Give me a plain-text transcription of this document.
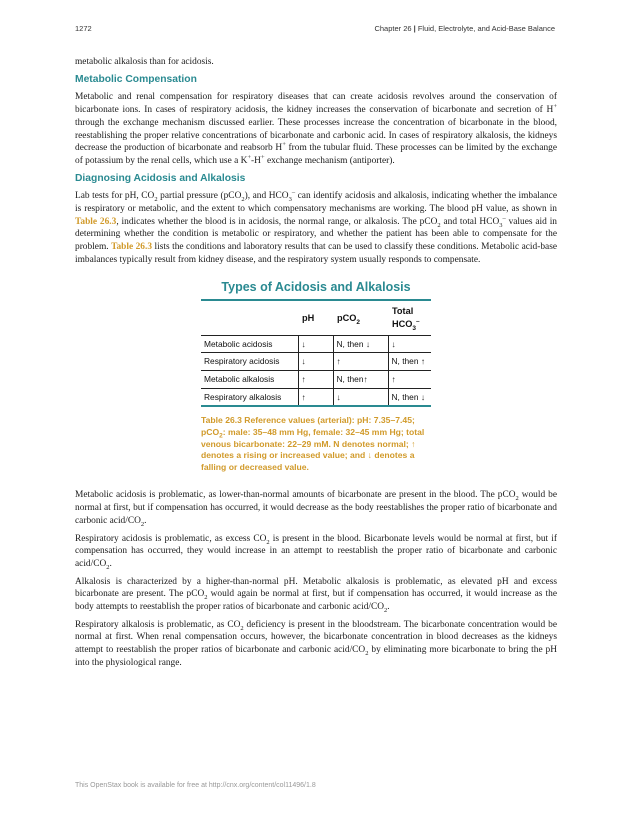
1272	Chapter 26 | Fluid, Electrolyte, and Acid-Base Balance

metabolic alkalosis than for acidosis.

Metabolic Compensation

Metabolic and renal compensation for respiratory diseases that can create acidosis revolves around the conservation of bicarbonate ions. In cases of respiratory acidosis, the kidney increases the conservation of bicarbonate and secretion of H+ through the exchange mechanism discussed earlier. These processes increase the concentration of bicarbonate in the blood, reestablishing the proper relative concentrations of bicarbonate and carbonic acid. In cases of respiratory alkalosis, the kidneys decrease the production of bicarbonate and reabsorb H+ from the tubular fluid. These processes can be limited by the exchange of potassium by the renal cells, which use a K+-H+ exchange mechanism (antiporter).

Diagnosing Acidosis and Alkalosis

Lab tests for pH, $CO_2$ partial pressure (pCO$_2$), and $HCO_3^-$ can identify acidosis and alkalosis, indicating whether the imbalance is respiratory or metabolic, and the extent to which compensatory mechanisms are working. The blood pH value, as shown in Table 26.3, indicates whether the blood is in acidosis, the normal range, or alkalosis. The pCO$_2$ and total $HCO_3^-$ values aid in determining whether the condition is metabolic or respiratory, and whether the patient has been able to compensate for the problem. Table 26.3 lists the conditions and laboratory results that can be used to classify these conditions. Metabolic acid-base imbalances typically result from kidney disease, and the respiratory system usually responds to compensate.

Types of Acidosis and Alkalosis
	pH	pCO$_2$	Total $HCO_3^-$
Metabolic acidosis	↓	N, then ↓	↓
Respiratory acidosis	↓	↑	N, then ↑
Metabolic alkalosis	↑	N, then↑	↑
Respiratory alkalosis	↑	↓	N, then ↓
Table 26.3 Reference values (arterial): pH: 7.35–7.45; pCO$_2$: male: 35–48 mm Hg, female: 32–45 mm Hg; total venous bicarbonate: 22–29 mM. N denotes normal; ↑ denotes a rising or increased value; and ↓ denotes a falling or decreased value.

Metabolic acidosis is problematic, as lower-than-normal amounts of bicarbonate are present in the blood. The pCO$_2$ would be normal at first, but if compensation has occurred, it would decrease as the body reestablishes the proper ratio of bicarbonate and carbonic acid/$CO_2$.

Respiratory acidosis is problematic, as excess $CO_2$ is present in the blood. Bicarbonate levels would be normal at first, but if compensation has occurred, they would increase in an attempt to reestablish the proper ratio of bicarbonate and carbonic acid/$CO_2$.

Alkalosis is characterized by a higher-than-normal pH. Metabolic alkalosis is problematic, as elevated pH and excess bicarbonate are present. The pCO$_2$ would again be normal at first, but if compensation has occurred, it would increase as the body attempts to reestablish the proper ratios of bicarbonate and carbonic acid/$CO_2$.

Respiratory alkalosis is problematic, as $CO_2$ deficiency is present in the bloodstream. The bicarbonate concentration would be normal at first. When renal compensation occurs, however, the bicarbonate concentration in blood decreases as the kidneys attempt to reestablish the proper ratios of bicarbonate and carbonic acid/$CO_2$ by eliminating more bicarbonate to bring the pH into the physiological range.

This OpenStax book is available for free at http://cnx.org/content/col11496/1.8
